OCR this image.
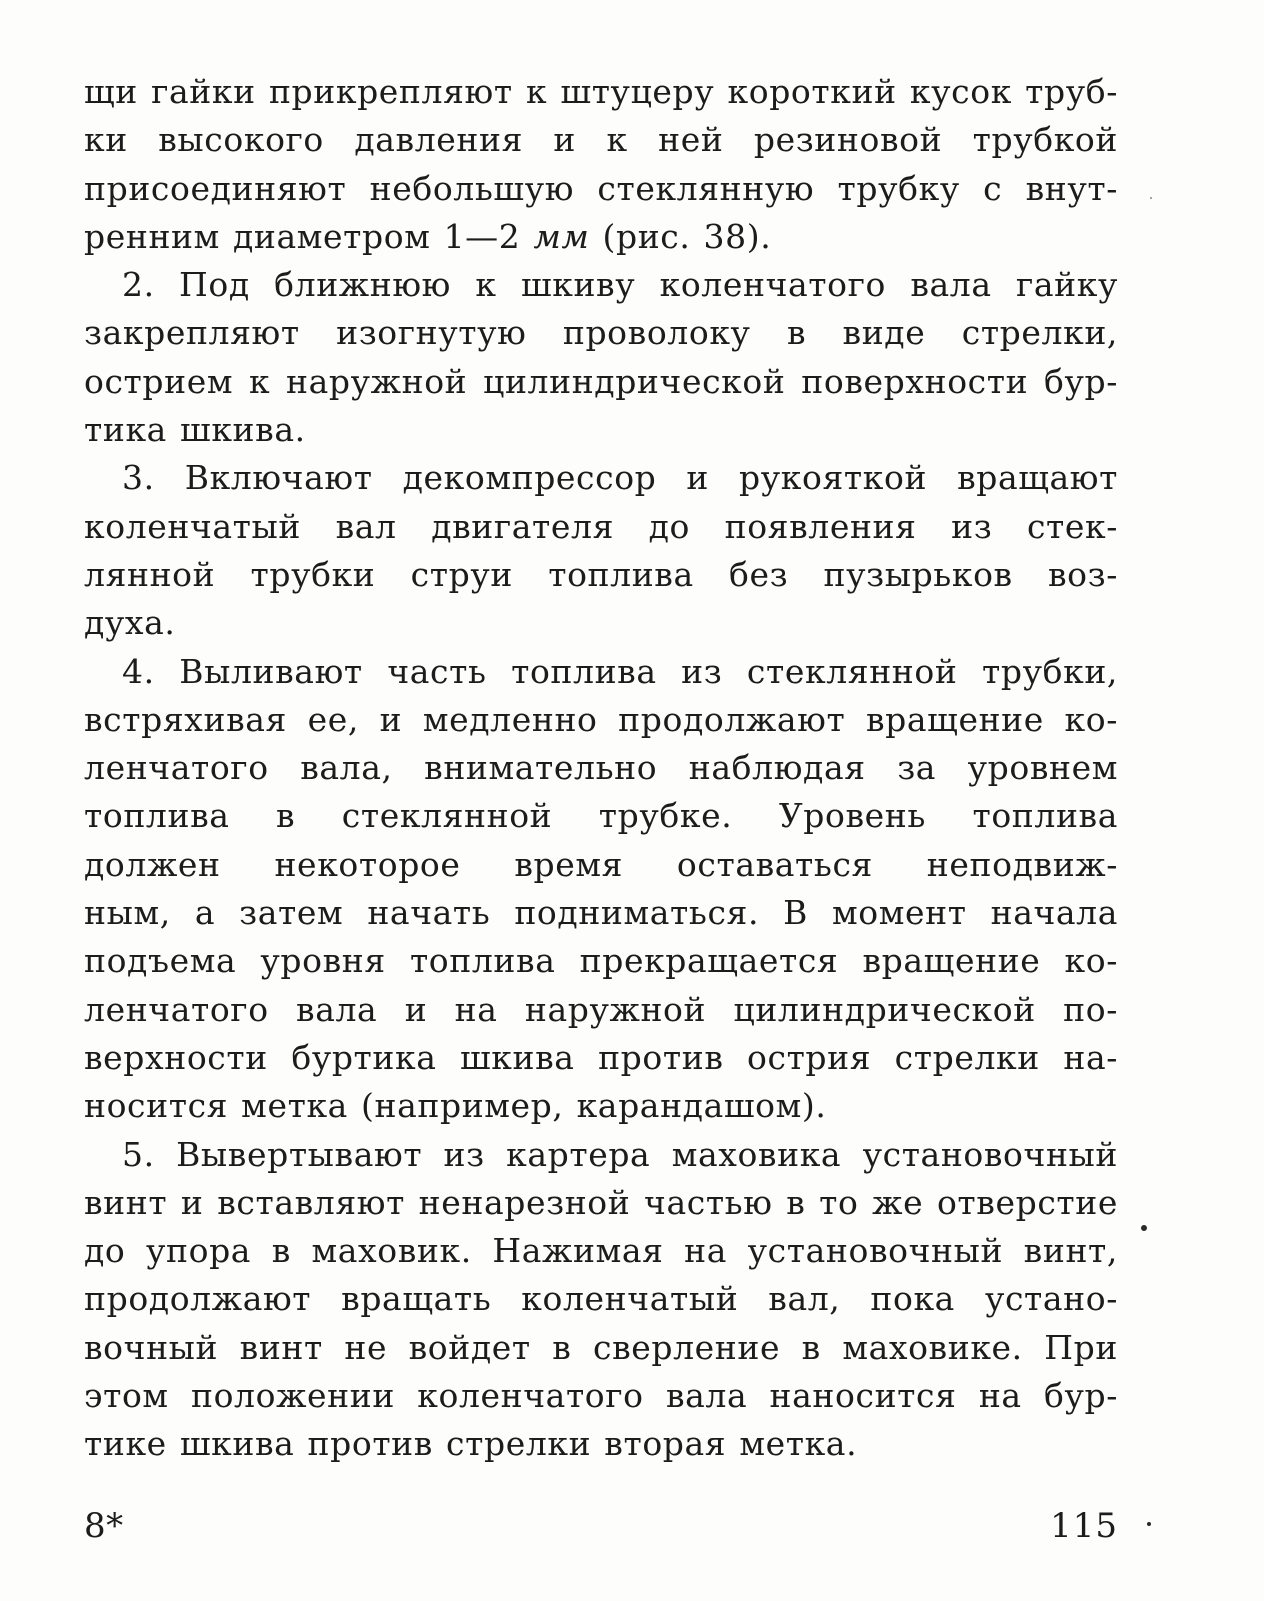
щи гайки прикрепляют к штуцеру короткий кусок труб-
ки высокого давления и к ней резиновой трубкой
присоединяют небольшую стеклянную трубку с внут-
ренним диаметром 1—2 мм (рис. 38).
2. Под ближнюю к шкиву коленчатого вала гайку
закрепляют изогнутую проволоку в виде стрелки,
острием к наружной цилиндрической поверхности бур-
тика шкива.
3. Включают декомпрессор и рукояткой вращают
коленчатый вал двигателя до появления из стек-
лянной трубки струи топлива без пузырьков воз-
духа.
4. Выливают часть топлива из стеклянной трубки,
встряхивая ее, и медленно продолжают вращение ко-
ленчатого вала, внимательно наблюдая за уровнем
топлива в стеклянной трубке. Уровень топлива
должен некоторое время оставаться неподвиж-
ным, а затем начать подниматься. В момент начала
подъема уровня топлива прекращается вращение ко-
ленчатого вала и на наружной цилиндрической по-
верхности буртика шкива против острия стрелки на-
носится метка (например, карандашом).
5. Вывертывают из картера маховика установочный
винт и вставляют ненарезной частью в то же отверстие
до упора в маховик. Нажимая на установочный винт,
продолжают вращать коленчатый вал, пока устано-
вочный винт не войдет в сверление в маховике. При
этом положении коленчатого вала наносится на бур-
тике шкива против стрелки вторая метка.
8*	115
